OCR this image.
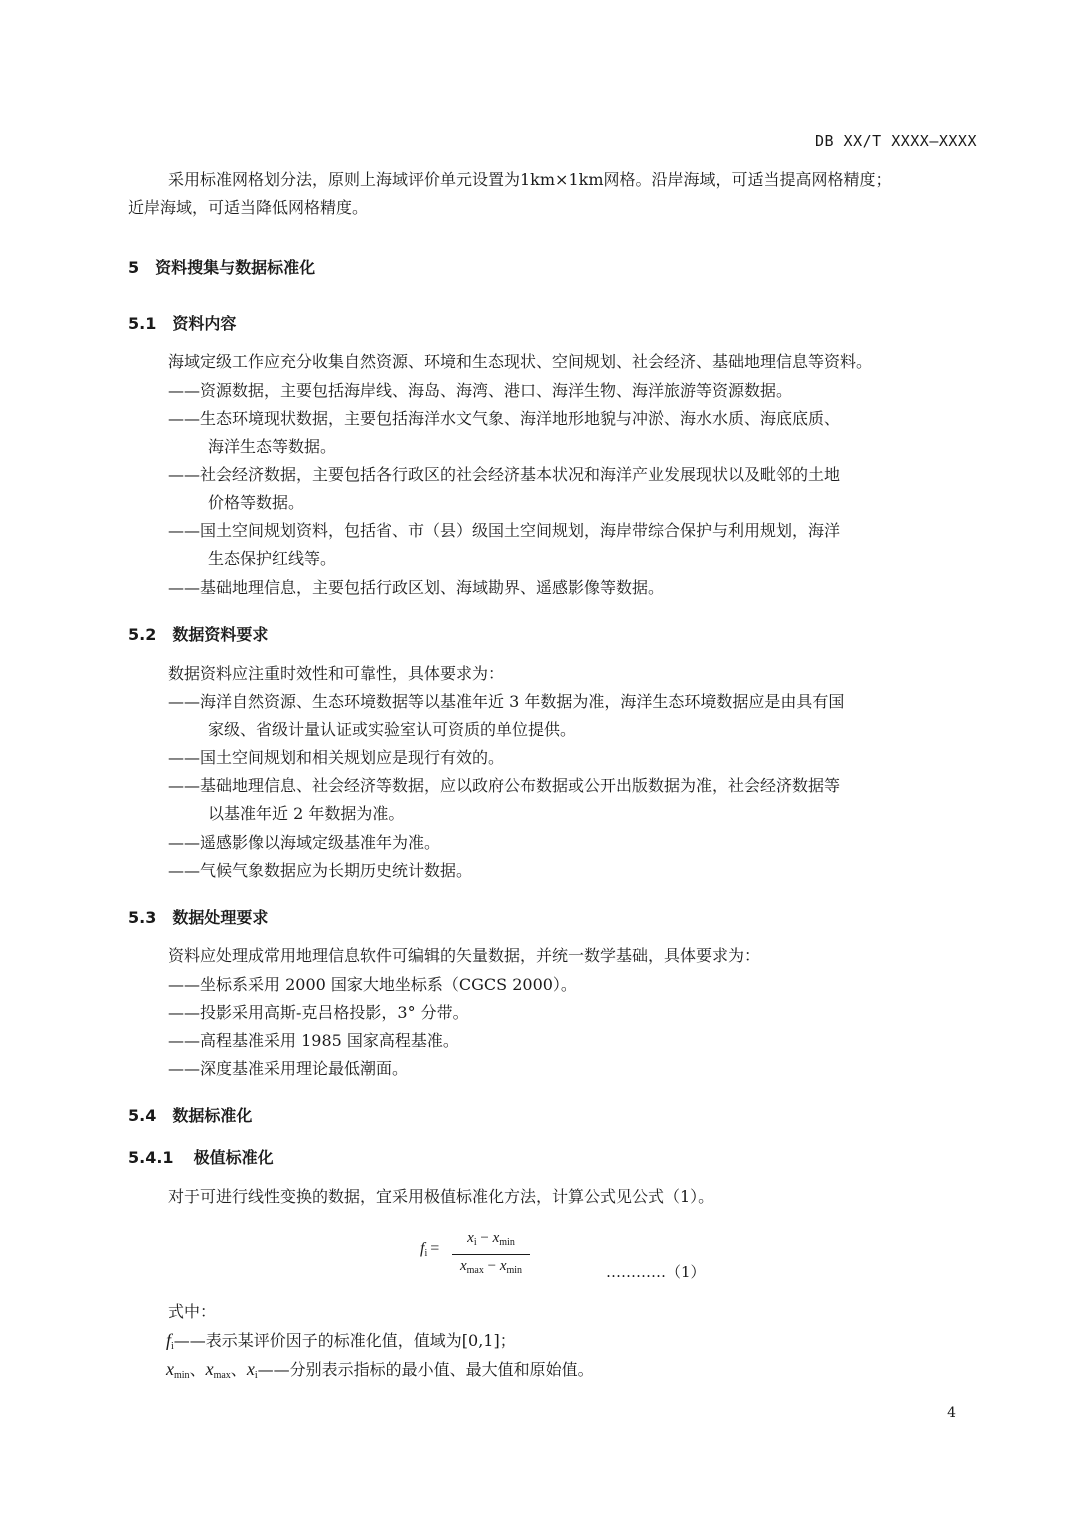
DB XX/T XXXX—XXXX
采用标准网格划分法，原则上海域评价单元设置为1km×1km网格。沿岸海域，可适当提高网格精度；
近岸海域，可适当降低网格精度。
5 资料搜集与数据标准化
5.1 资料内容
海域定级工作应充分收集自然资源、环境和生态现状、空间规划、社会经济、基础地理信息等资料。
——资源数据，主要包括海岸线、海岛、海湾、港口、海洋生物、海洋旅游等资源数据。
——生态环境现状数据，主要包括海洋水文气象、海洋地形地貌与冲淤、海水水质、海底底质、
海洋生态等数据。
——社会经济数据，主要包括各行政区的社会经济基本状况和海洋产业发展现状以及毗邻的土地
价格等数据。
——国土空间规划资料，包括省、市（县）级国土空间规划，海岸带综合保护与利用规划，海洋
生态保护红线等。
——基础地理信息，主要包括行政区划、海域勘界、遥感影像等数据。
5.2 数据资料要求
数据资料应注重时效性和可靠性，具体要求为：
——海洋自然资源、生态环境数据等以基准年近 3 年数据为准，海洋生态环境数据应是由具有国
家级、省级计量认证或实验室认可资质的单位提供。
——国土空间规划和相关规划应是现行有效的。
——基础地理信息、社会经济等数据，应以政府公布数据或公开出版数据为准，社会经济数据等
以基准年近 2 年数据为准。
——遥感影像以海域定级基准年为准。
——气候气象数据应为长期历史统计数据。
5.3 数据处理要求
资料应处理成常用地理信息软件可编辑的矢量数据，并统一数学基础，具体要求为：
——坐标系采用 2000 国家大地坐标系（CGCS 2000）。
——投影采用高斯-克吕格投影，3° 分带。
——高程基准采用 1985 国家高程基准。
——深度基准采用理论最低潮面。
5.4 数据标准化
5.4.1 极值标准化
对于可进行线性变换的数据，宜采用极值标准化方法，计算公式见公式（1）。
$f_i$ =
$x_i - x_{min}$
$x_{max} - x_{min}$	…………（1）
式中：
$f_i——$表示某评价因子的标准化值，值域为[0,1]；
$x_{min}$、$x_{max}$、$x_i——$分别表示指标的最小值、最大值和原始值。
4
